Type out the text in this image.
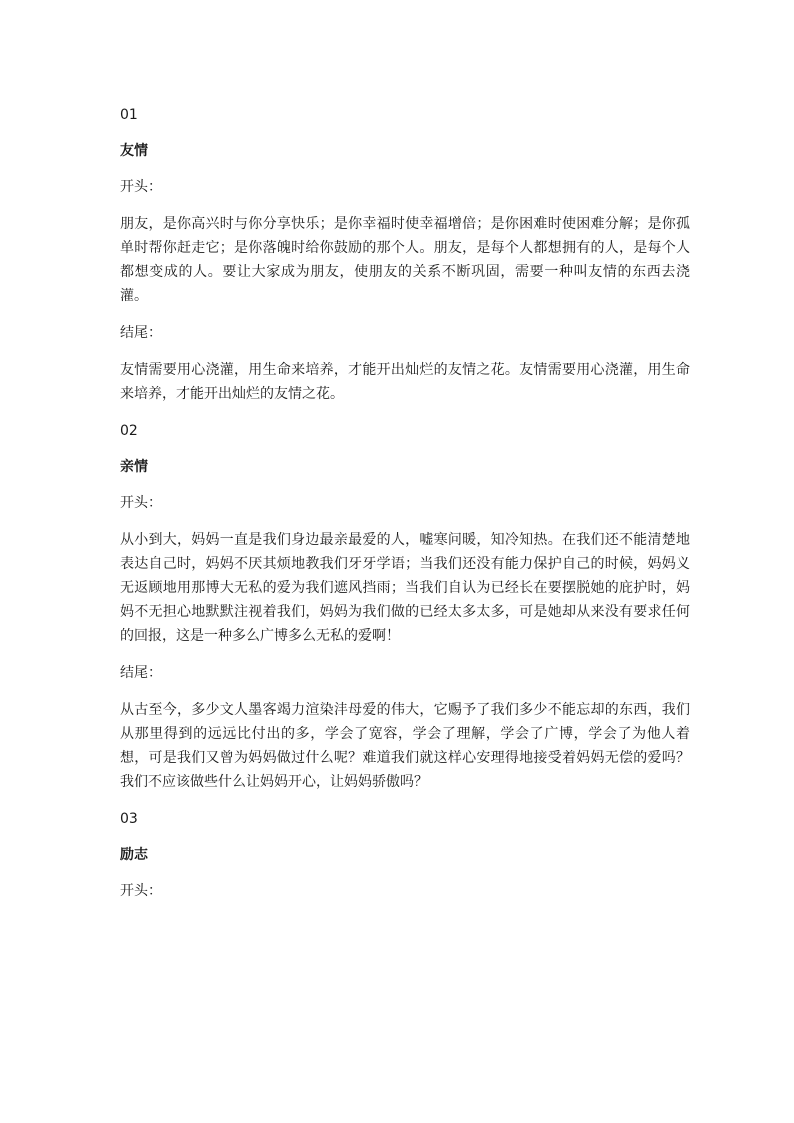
01

友情

开头：

朋友，是你高兴时与你分享快乐；是你幸福时使幸福增倍；是你困难时使困难分解；是你孤单时帮你赶走它；是你落魄时给你鼓励的那个人。朋友，是每个人都想拥有的人，是每个人都想变成的人。要让大家成为朋友，使朋友的关系不断巩固，需要一种叫友情的东西去浇灌。

结尾：

友情需要用心浇灌，用生命来培养，才能开出灿烂的友情之花。友情需要用心浇灌，用生命来培养，才能开出灿烂的友情之花。

02

亲情

开头：

从小到大，妈妈一直是我们身边最亲最爱的人，嘘寒问暖，知冷知热。在我们还不能清楚地表达自己时，妈妈不厌其烦地教我们牙牙学语；当我们还没有能力保护自己的时候，妈妈义无返顾地用那博大无私的爱为我们遮风挡雨；当我们自认为已经长在要摆脱她的庇护时，妈妈不无担心地默默注视着我们，妈妈为我们做的已经太多太多，可是她却从来没有要求任何的回报，这是一种多么广博多么无私的爱啊！

结尾：

从古至今，多少文人墨客竭力渲染沣母爱的伟大，它赐予了我们多少不能忘却的东西，我们从那里得到的远远比付出的多，学会了宽容，学会了理解，学会了广博，学会了为他人着想，可是我们又曾为妈妈做过什么呢？难道我们就这样心安理得地接受着妈妈无偿的爱吗？我们不应该做些什么让妈妈开心，让妈妈骄傲吗？

03

励志

开头：
